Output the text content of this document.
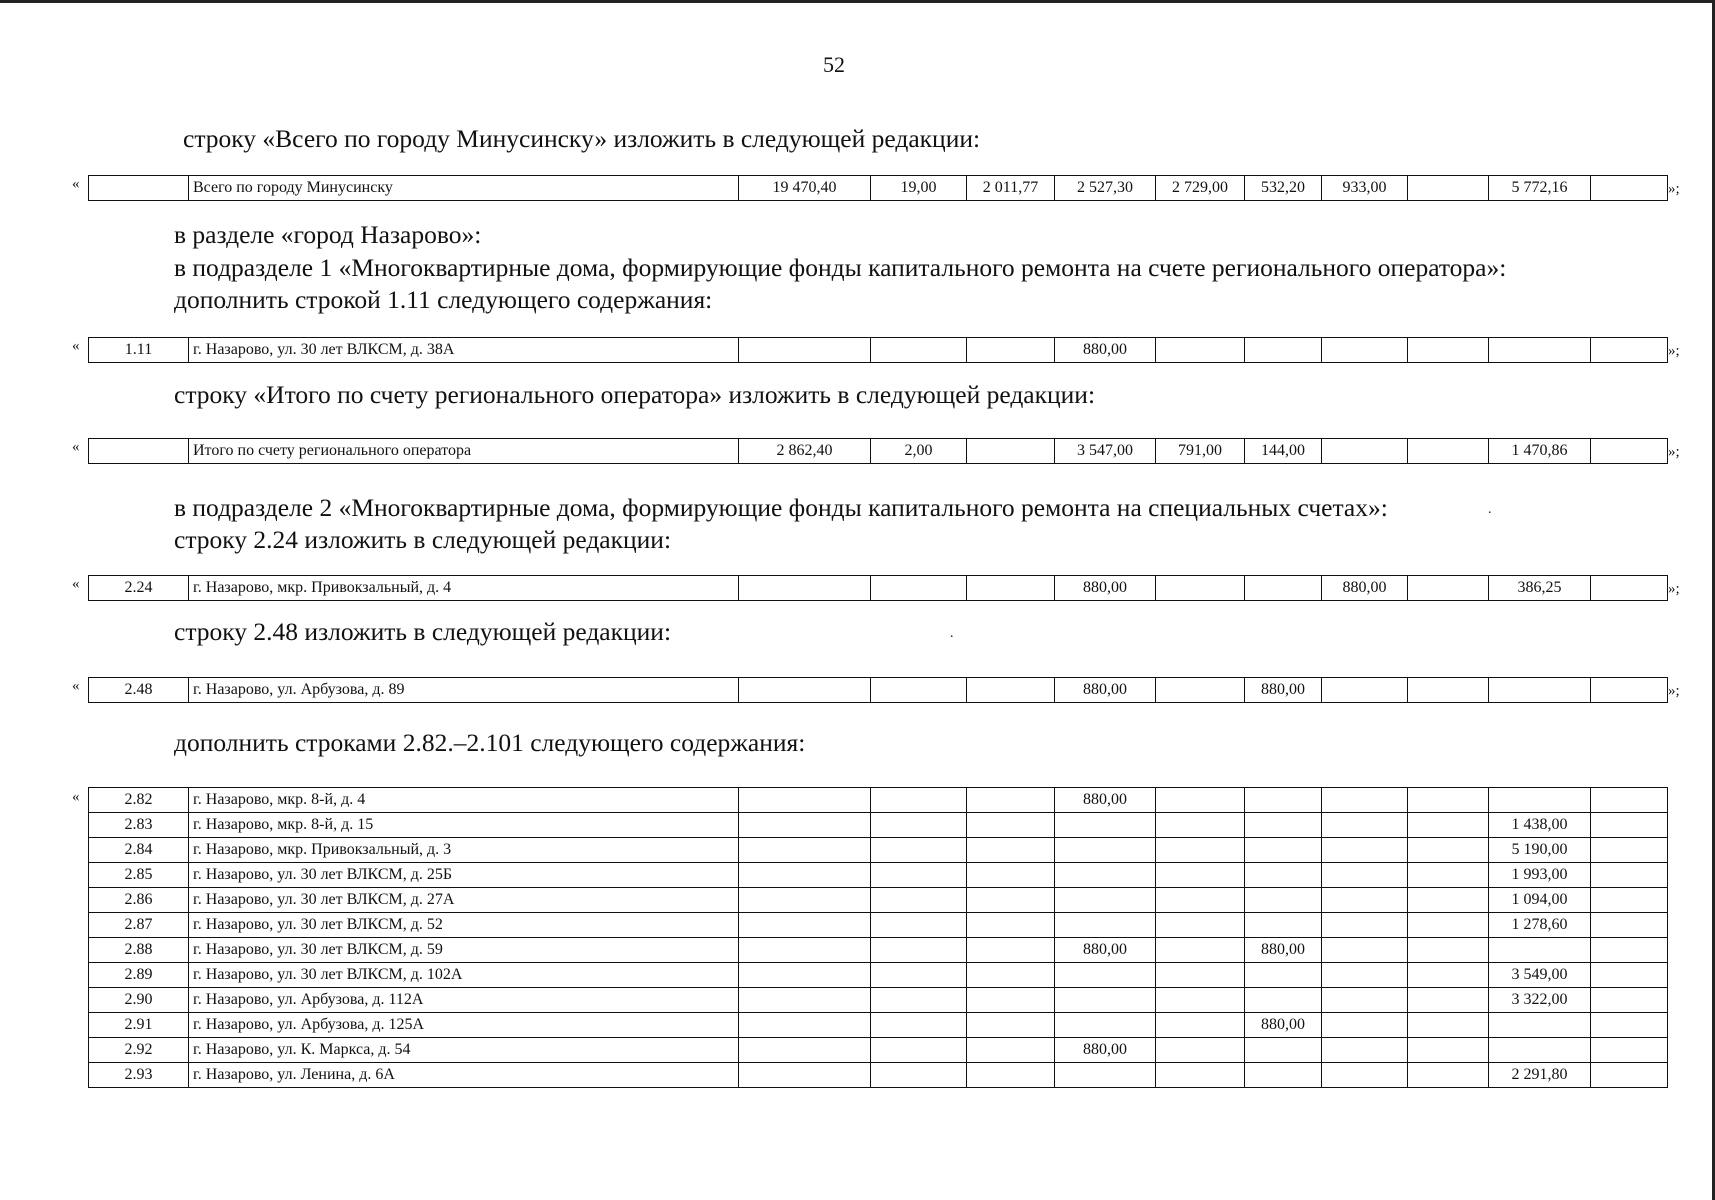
52
строку «Всего по городу Минусинску» изложить в следующей редакции:
«
		Всего по городу Минусинску	19 470,40	19,00	2 011,77	2 527,30	2 729,00	532,20	933,00		5 772,16		»;
в разделе «город Назарово»:
в подразделе 1 «Многоквартирные дома, формирующие фонды капитального ремонта на счете регионального оператора»:
дополнить строкой 1.11 следующего содержания:
«	1.11	г. Назарово, ул. 30 лет ВЛКСМ, д. 38А				880,00							»;
строку «Итого по счету регионального оператора» изложить в следующей редакции:
«
		Итого по счету регионального оператора	2 862,40	2,00		3 547,00	791,00	144,00			1 470,86		»;
в подразделе 2 «Многоквартирные дома, формирующие фонды капитального ремонта на специальных счетах»:
строку 2.24 изложить в следующей редакции:
.
«	2.24	г. Назарово, мкр. Привокзальный, д. 4				880,00			880,00		386,25		»;
строку 2.48 изложить в следующей редакции:	.
«	2.48	г. Назарово, ул. Арбузова, д. 89				880,00		880,00					»;
дополнить строками 2.82.–2.101 следующего содержания:
«	2.82	г. Назарово, мкр. 8-й, д. 4				880,00						
2.83	г. Назарово, мкр. 8-й, д. 15									1 438,00	
2.84	г. Назарово, мкр. Привокзальный, д. 3									5 190,00	
2.85	г. Назарово, ул. 30 лет ВЛКСМ, д. 25Б									1 993,00	
2.86	г. Назарово, ул. 30 лет ВЛКСМ, д. 27А									1 094,00	
2.87	г. Назарово, ул. 30 лет ВЛКСМ, д. 52									1 278,60	
2.88	г. Назарово, ул. 30 лет ВЛКСМ, д. 59				880,00		880,00				
2.89	г. Назарово, ул. 30 лет ВЛКСМ, д. 102А									3 549,00	
2.90	г. Назарово, ул. Арбузова, д. 112А									3 322,00	
2.91	г. Назарово, ул. Арбузова, д. 125А						880,00				
2.92	г. Назарово, ул. К. Маркса, д. 54				880,00						
2.93	г. Назарово, ул. Ленина, д. 6А									2 291,80	
